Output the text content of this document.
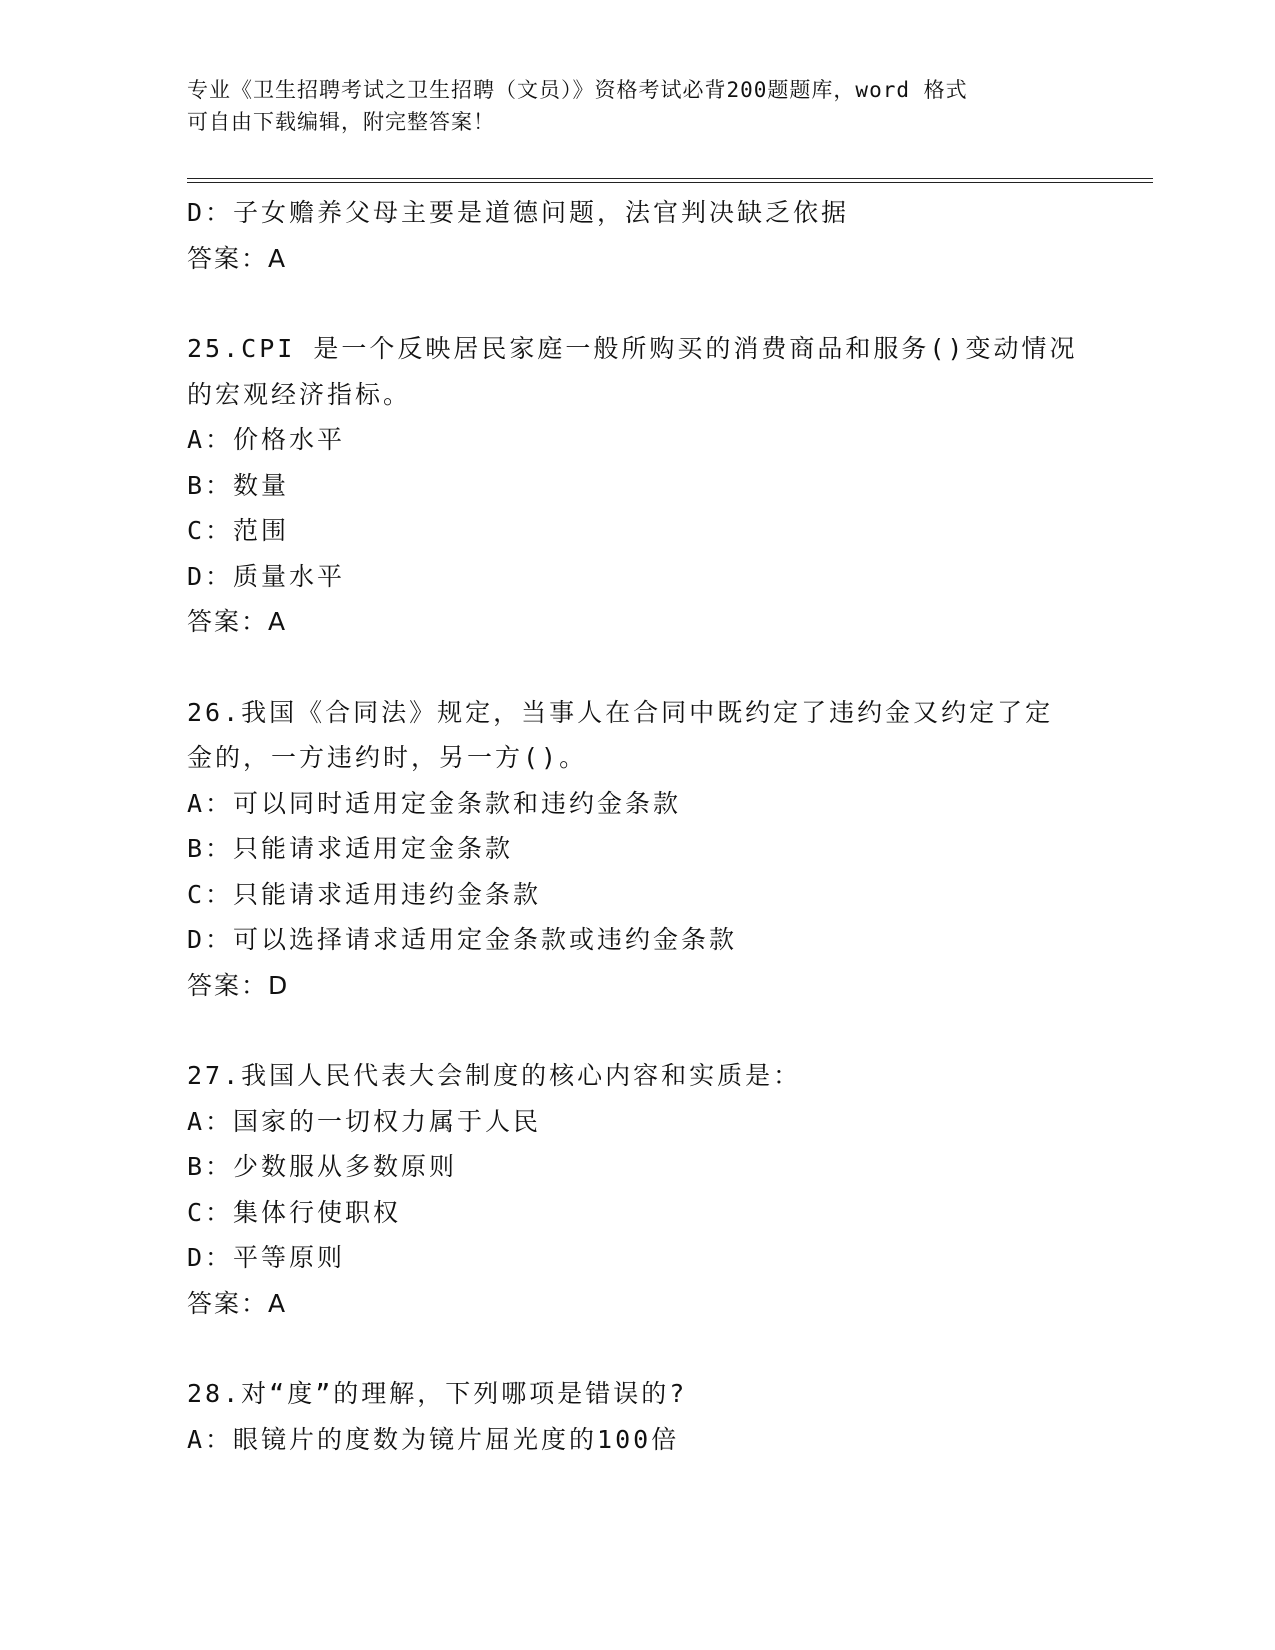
专业《卫生招聘考试之卫生招聘（文员）》资格考试必背200题题库，word 格式
可自由下载编辑，附完整答案！
D：子女赡养父母主要是道德问题，法官判决缺乏依据
答案：A
25.CPI 是一个反映居民家庭一般所购买的消费商品和服务()变动情况
的宏观经济指标。
A：价格水平
B：数量
C：范围
D：质量水平
答案：A
26.我国《合同法》规定，当事人在合同中既约定了违约金又约定了定
金的，一方违约时，另一方()。
A：可以同时适用定金条款和违约金条款
B：只能请求适用定金条款
C：只能请求适用违约金条款
D：可以选择请求适用定金条款或违约金条款
答案：D
27.我国人民代表大会制度的核心内容和实质是：
A：国家的一切权力属于人民
B：少数服从多数原则
C：集体行使职权
D：平等原则
答案：A
28.对“度”的理解，下列哪项是错误的?
A：眼镜片的度数为镜片屈光度的100倍
